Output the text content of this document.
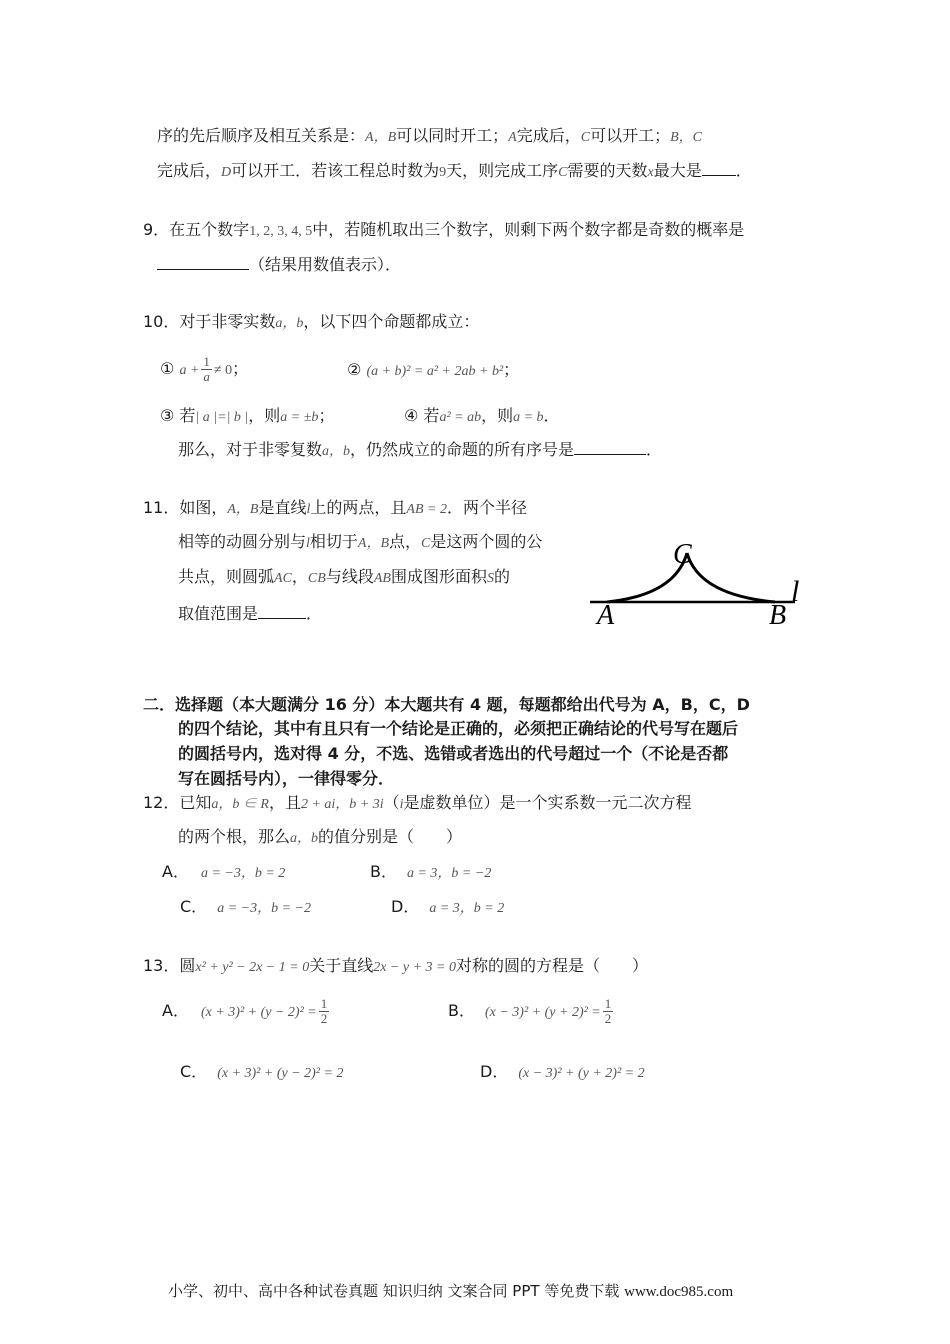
序的先后顺序及相互关系是：A，B可以同时开工；A完成后，C可以开工；B，C
完成后，D可以开工．若该工程总时数为9天，则完成工序C需要的天数x最大是 ．
9．在五个数字1, 2, 3, 4, 5中，若随机取出三个数字，则剩下两个数字都是奇数的概率是
（结果用数值表示）．
10．对于非零实数a，b，以下四个命题都成立：
① $a + \frac{1}{a} \ne 0$；	② (a + b)² = a² + 2ab + b²；
③ 若| a |=| b |，则a = ±b；	④ 若a² = ab，则a = b．
那么，对于非零复数a，b，仍然成立的命题的所有序号是	．
11．如图，A，B是直线l上的两点，且AB = 2．两个半径
相等的动圆分别与l相切于A，B点，C是这两个圆的公
共点，则圆弧AC，CB与线段AB围成图形面积S的
取值范围是	．
C
A	B
l
二．选择题（本大题满分 16 分）本大题共有 4 题，每题都给出代号为 A，B，C，D
的四个结论，其中有且只有一个结论是正确的，必须把正确结论的代号写在题后
的圆括号内，选对得 4 分，不选、选错或者选出的代号超过一个（不论是否都
写在圆括号内），一律得零分．
12．已知a，b ∈ R，且2 + ai，b + 3i（i是虚数单位）是一个实系数一元二次方程
的两个根，那么a，b的值分别是（　　）
A． a = −3，b = 2	B． a = 3，b = −2
C． a = −3，b = −2	D． a = 3，b = 2
13．圆x² + y² − 2x − 1 = 0关于直线2x − y + 3 = 0对称的圆的方程是（　　）
A． $(x + 3)^2 + (y - 2)^2 = \frac{1}{2}$	B． $(x - 3)^2 + (y + 2)^2 = \frac{1}{2}$
C． (x + 3)² + (y − 2)² = 2	D． (x − 3)² + (y + 2)² = 2
小学、初中、高中各种试卷真题 知识归纳 文案合同 PPT 等免费下载 www.doc985.com
